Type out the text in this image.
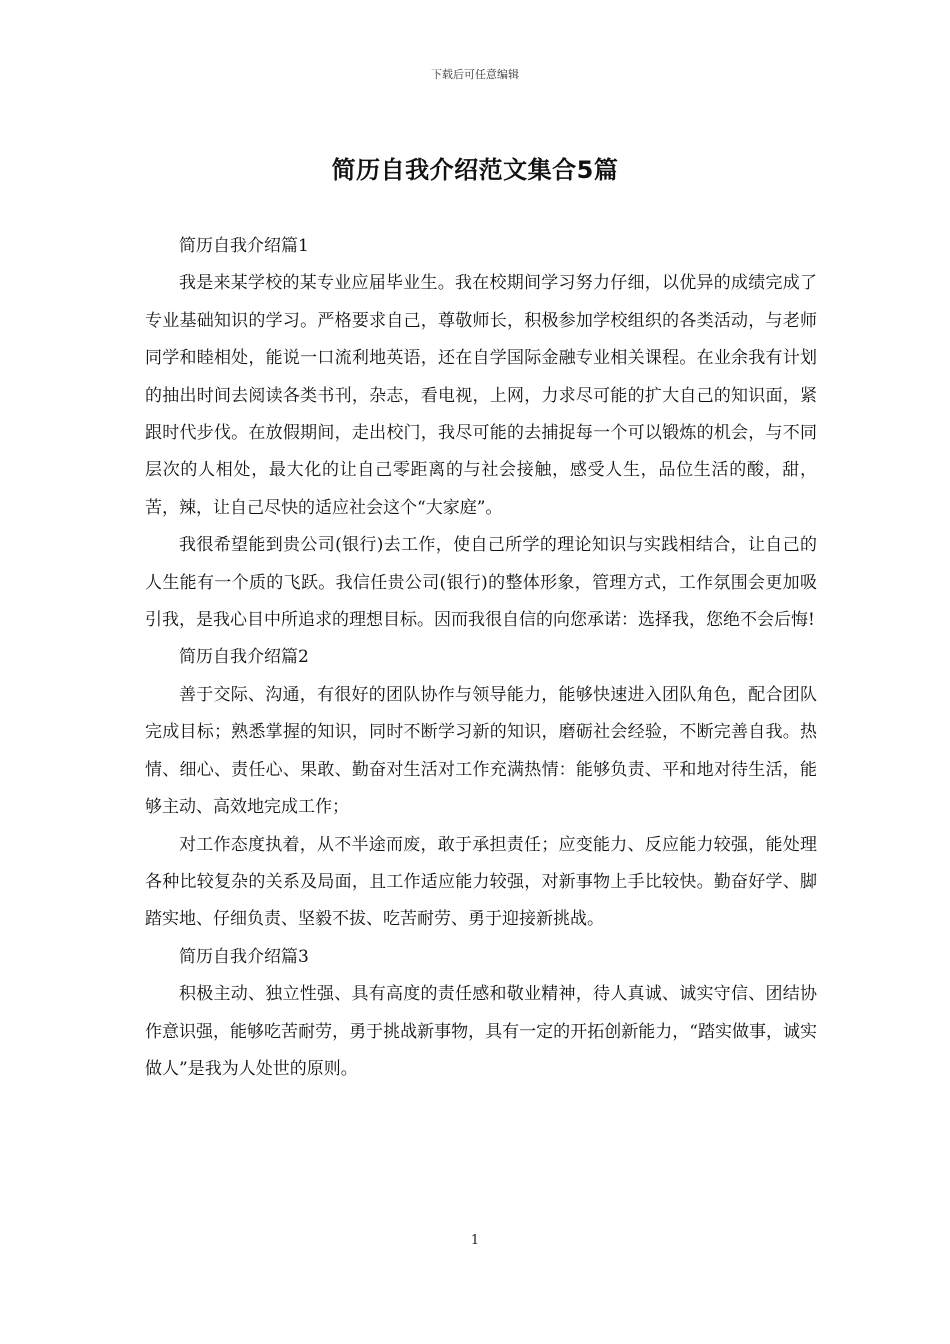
下载后可任意编辑
简历自我介绍范文集合5篇

简历自我介绍篇1

我是来某学校的某专业应届毕业生。我在校期间学习努力仔细，以优异的成绩完成了专业基础知识的学习。严格要求自己，尊敬师长，积极参加学校组织的各类活动，与老师同学和睦相处，能说一口流利地英语，还在自学国际金融专业相关课程。在业余我有计划的抽出时间去阅读各类书刊，杂志，看电视，上网，力求尽可能的扩大自己的知识面，紧跟时代步伐。在放假期间，走出校门，我尽可能的去捕捉每一个可以锻炼的机会，与不同层次的人相处，最大化的让自己零距离的与社会接触，感受人生，品位生活的酸，甜，苦，辣，让自己尽快的适应社会这个“大家庭”。

我很希望能到贵公司(银行)去工作，使自己所学的理论知识与实践相结合，让自己的人生能有一个质的飞跃。我信任贵公司(银行)的整体形象，管理方式，工作氛围会更加吸引我，是我心目中所追求的理想目标。因而我很自信的向您承诺：选择我，您绝不会后悔!

简历自我介绍篇2

善于交际、沟通，有很好的团队协作与领导能力，能够快速进入团队角色，配合团队完成目标；熟悉掌握的知识，同时不断学习新的知识，磨砺社会经验，不断完善自我。热情、细心、责任心、果敢、勤奋对生活对工作充满热情：能够负责、平和地对待生活，能够主动、高效地完成工作；

对工作态度执着，从不半途而废，敢于承担责任；应变能力、反应能力较强，能处理各种比较复杂的关系及局面，且工作适应能力较强，对新事物上手比较快。勤奋好学、脚踏实地、仔细负责、坚毅不拔、吃苦耐劳、勇于迎接新挑战。

简历自我介绍篇3

积极主动、独立性强、具有高度的责任感和敬业精神，待人真诚、诚实守信、团结协作意识强，能够吃苦耐劳，勇于挑战新事物，具有一定的开拓创新能力，“踏实做事，诚实做人”是我为人处世的原则。

1
